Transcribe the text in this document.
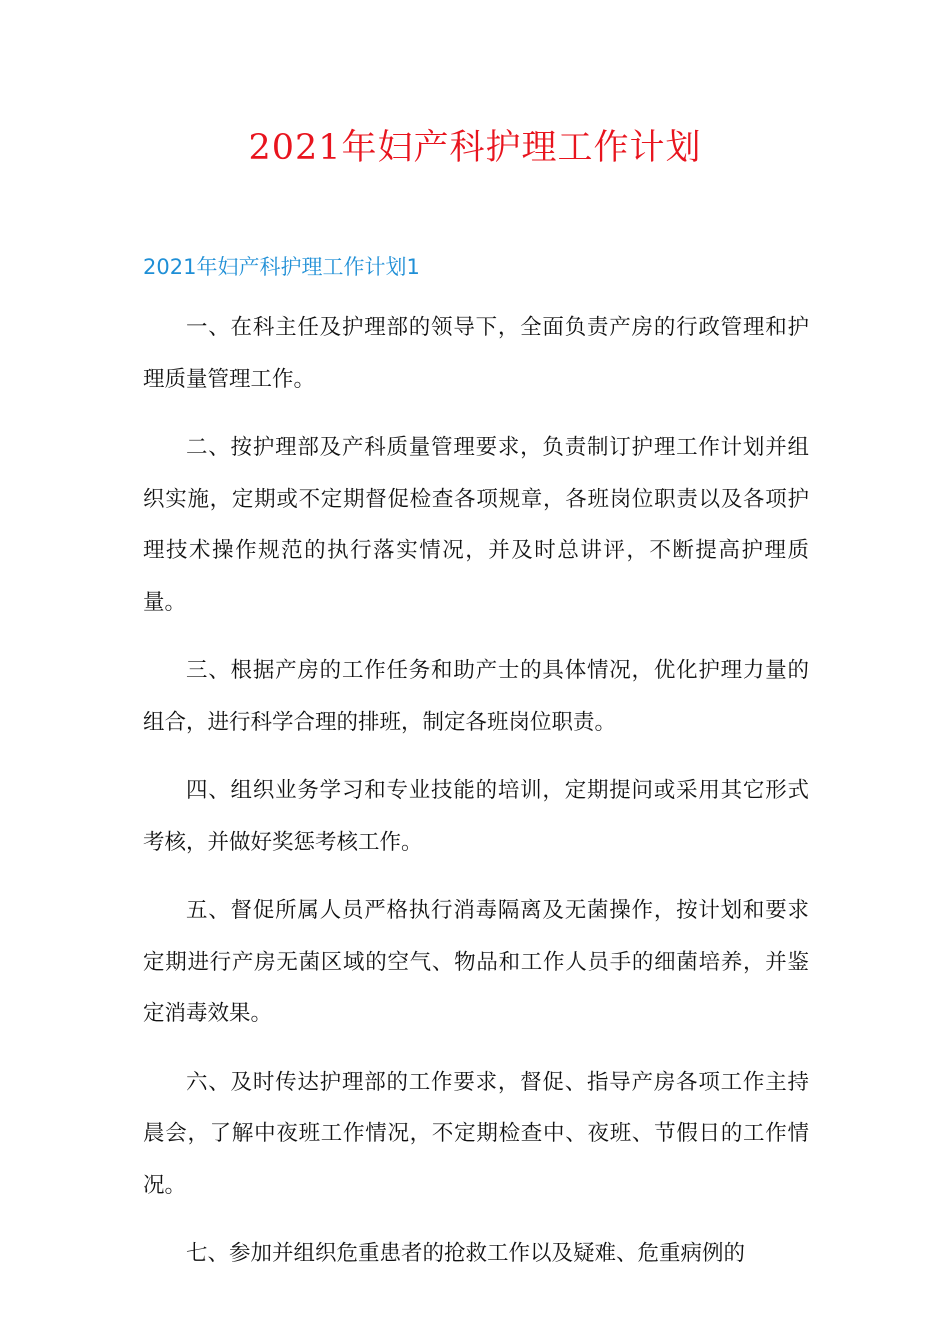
2021年妇产科护理工作计划
2021年妇产科护理工作计划1

一、在科主任及护理部的领导下，全面负责产房的行政管理和护理质量管理工作。

二、按护理部及产科质量管理要求，负责制订护理工作计划并组织实施，定期或不定期督促检查各项规章，各班岗位职责以及各项护理技术操作规范的执行落实情况，并及时总讲评，不断提高护理质量。

三、根据产房的工作任务和助产士的具体情况，优化护理力量的组合，进行科学合理的排班，制定各班岗位职责。

四、组织业务学习和专业技能的培训，定期提问或采用其它形式考核，并做好奖惩考核工作。

五、督促所属人员严格执行消毒隔离及无菌操作，按计划和要求定期进行产房无菌区域的空气、物品和工作人员手的细菌培养，并鉴定消毒效果。

六、及时传达护理部的工作要求，督促、指导产房各项工作主持晨会，了解中夜班工作情况，不定期检查中、夜班、节假日的工作情况。

七、参加并组织危重患者的抢救工作以及疑难、危重病例的
